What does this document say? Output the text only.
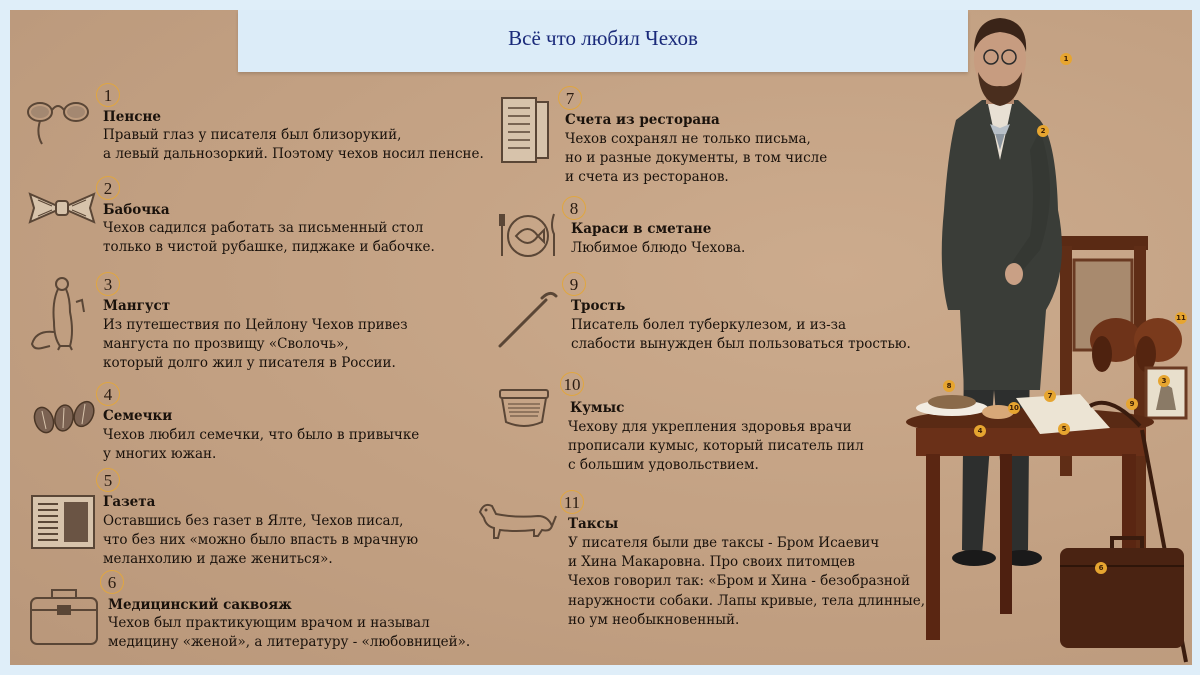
Всё что любил Чехов
1
Пенсне
Правый глаз у писателя был близорукий,
а левый дальнозоркий. Поэтому чехов носил пенсне.
2
Бабочка
Чехов садился работать за письменный стол
только в чистой рубашке, пиджаке и бабочке.
3
Мангуст
Из путешествия по Цейлону Чехов привез
мангуста по прозвищу «Сволочь»,
который долго жил у писателя в России.
4
Семечки
Чехов любил семечки, что было в привычке
у многих южан.
5
Газета
Оставшись без газет в Ялте, Чехов писал,
что без них «можно было впасть в мрачную
меланхолию и даже жениться».
6
Медицинский саквояж
Чехов был практикующим врачом и называл
медицину «женой», а литературу - «любовницей».
7
Счета из ресторана
Чехов сохранял не только письма,
но и разные документы, в том числе
и счета из ресторанов.
8
Караси в сметане
Любимое блюдо Чехова.
9
Трость
Писатель болел туберкулезом, и из-за
слабости вынужден был пользоваться тростью.
10
Кумыс
Чехову для укрепления здоровья врачи
прописали кумыс, который писатель пил
с большим удовольствием.
11
Таксы
У писателя были две таксы - Бром Исаевич
и Хина Макаровна. Про своих питомцев
Чехов говорил так: «Бром и Хина - безобразной
наружности собаки. Лапы кривые, тела длинные,
но ум необыкновенный.
1
2
3
4	5
6
7
8
9
10
11
